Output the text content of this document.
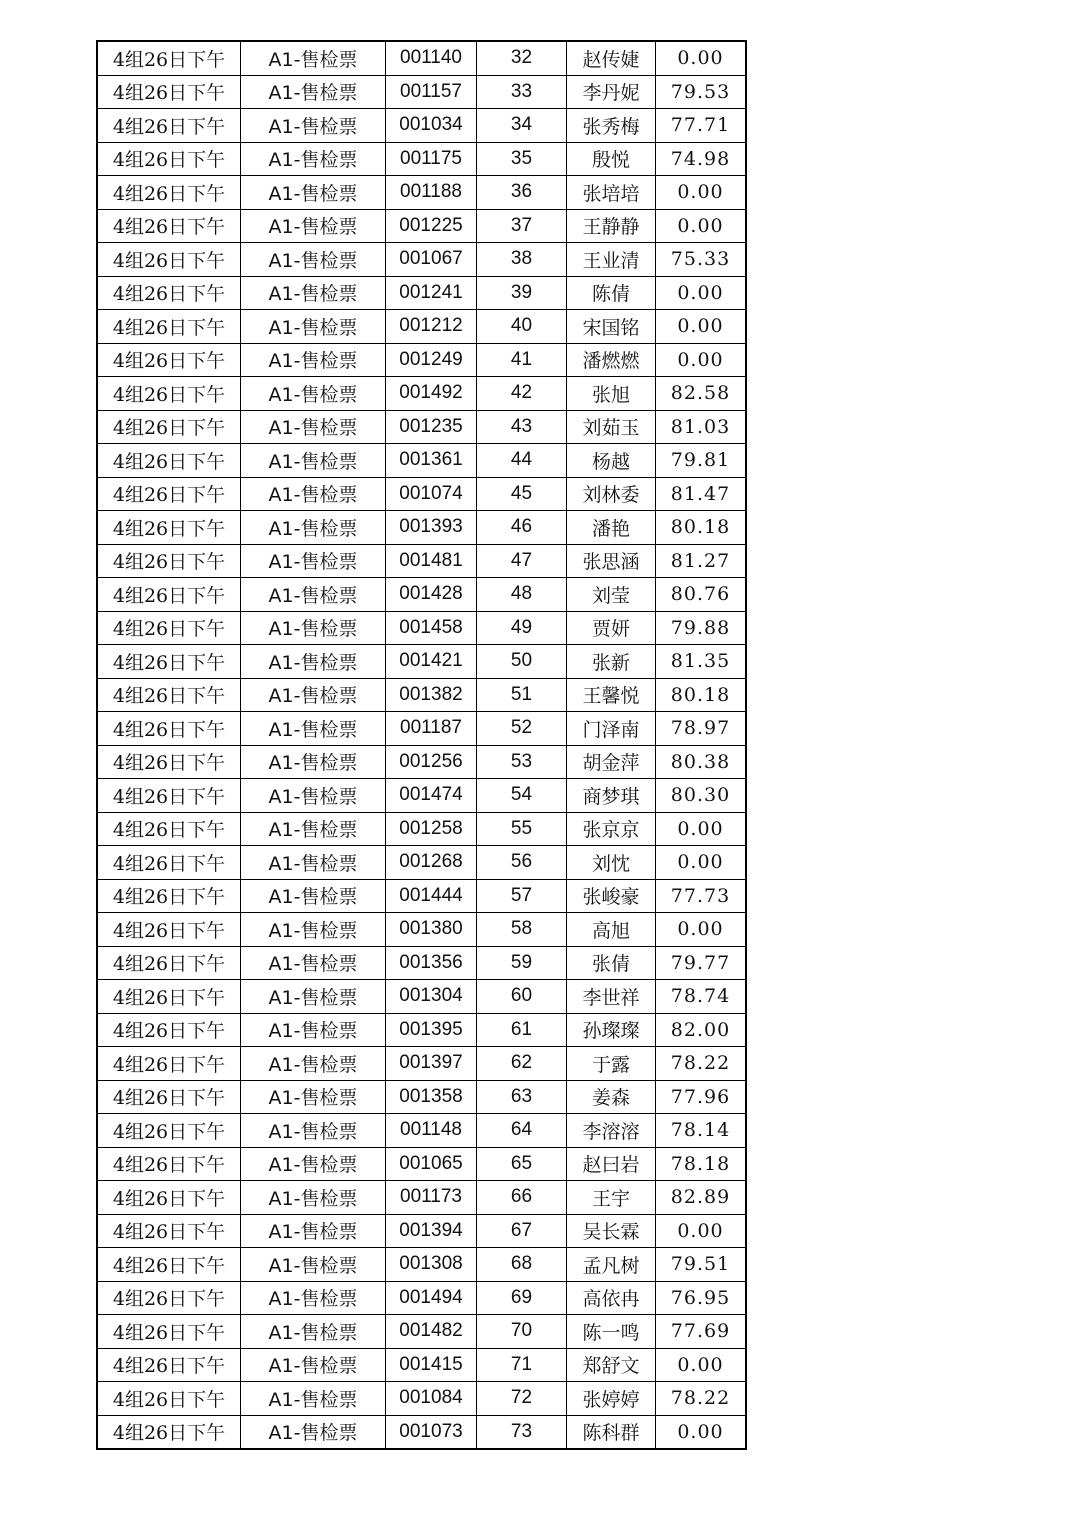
4组26日下午	A1-售检票	001140	32	赵传婕	0.00
4组26日下午	A1-售检票	001157	33	李丹妮	79.53
4组26日下午	A1-售检票	001034	34	张秀梅	77.71
4组26日下午	A1-售检票	001175	35	殷悦	74.98
4组26日下午	A1-售检票	001188	36	张培培	0.00
4组26日下午	A1-售检票	001225	37	王静静	0.00
4组26日下午	A1-售检票	001067	38	王业清	75.33
4组26日下午	A1-售检票	001241	39	陈倩	0.00
4组26日下午	A1-售检票	001212	40	宋国铭	0.00
4组26日下午	A1-售检票	001249	41	潘燃燃	0.00
4组26日下午	A1-售检票	001492	42	张旭	82.58
4组26日下午	A1-售检票	001235	43	刘茹玉	81.03
4组26日下午	A1-售检票	001361	44	杨越	79.81
4组26日下午	A1-售检票	001074	45	刘林委	81.47
4组26日下午	A1-售检票	001393	46	潘艳	80.18
4组26日下午	A1-售检票	001481	47	张思涵	81.27
4组26日下午	A1-售检票	001428	48	刘莹	80.76
4组26日下午	A1-售检票	001458	49	贾妍	79.88
4组26日下午	A1-售检票	001421	50	张新	81.35
4组26日下午	A1-售检票	001382	51	王馨悦	80.18
4组26日下午	A1-售检票	001187	52	门泽南	78.97
4组26日下午	A1-售检票	001256	53	胡金萍	80.38
4组26日下午	A1-售检票	001474	54	商梦琪	80.30
4组26日下午	A1-售检票	001258	55	张京京	0.00
4组26日下午	A1-售检票	001268	56	刘忱	0.00
4组26日下午	A1-售检票	001444	57	张峻豪	77.73
4组26日下午	A1-售检票	001380	58	高旭	0.00
4组26日下午	A1-售检票	001356	59	张倩	79.77
4组26日下午	A1-售检票	001304	60	李世祥	78.74
4组26日下午	A1-售检票	001395	61	孙璨璨	82.00
4组26日下午	A1-售检票	001397	62	于露	78.22
4组26日下午	A1-售检票	001358	63	姜森	77.96
4组26日下午	A1-售检票	001148	64	李溶溶	78.14
4组26日下午	A1-售检票	001065	65	赵曰岩	78.18
4组26日下午	A1-售检票	001173	66	王宇	82.89
4组26日下午	A1-售检票	001394	67	吴长霖	0.00
4组26日下午	A1-售检票	001308	68	孟凡树	79.51
4组26日下午	A1-售检票	001494	69	高依冉	76.95
4组26日下午	A1-售检票	001482	70	陈一鸣	77.69
4组26日下午	A1-售检票	001415	71	郑舒文	0.00
4组26日下午	A1-售检票	001084	72	张婷婷	78.22
4组26日下午	A1-售检票	001073	73	陈科群	0.00
